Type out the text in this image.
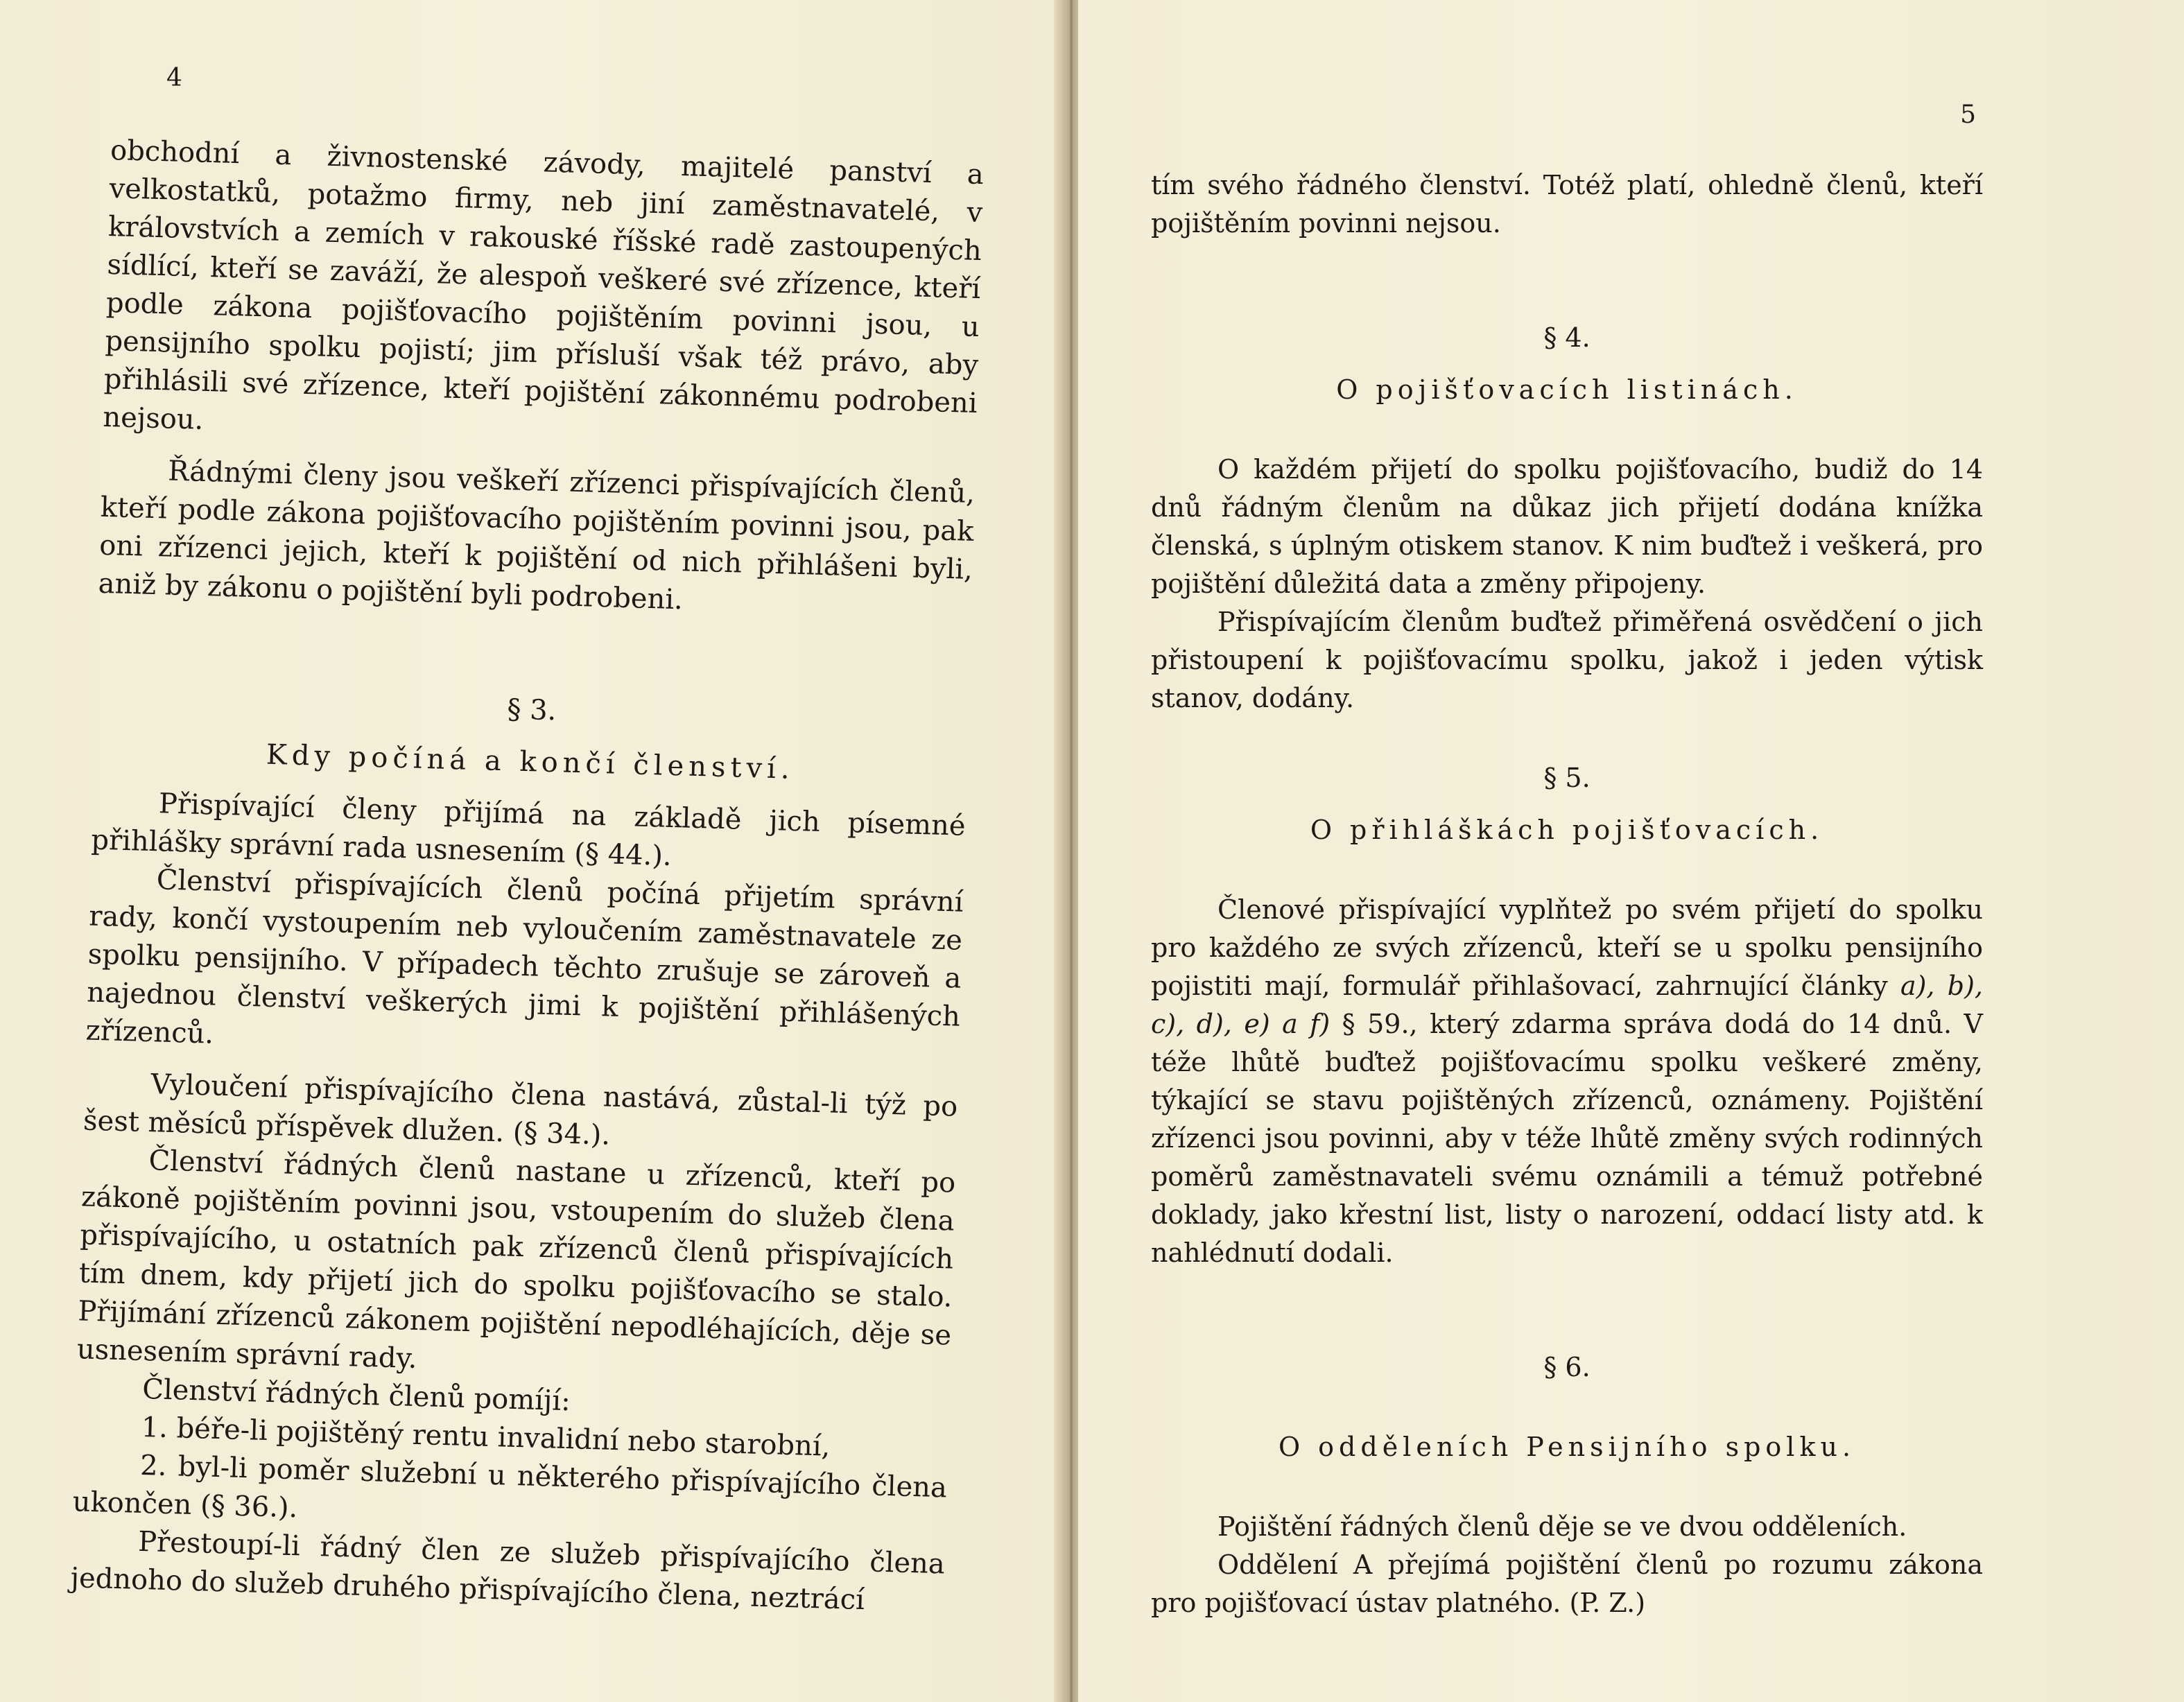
4

obchodní a živnostenské závody, majitelé panství a velkostatků, potažmo firmy, neb jiní zaměstnavatelé, v královstvích a zemích v rakouské říšské radě zastoupených sídlící, kteří se zaváží, že alespoň veškeré své zřízence, kteří podle zákona pojišťovacího pojištěním povinni jsou, u pensijního spolku pojistí; jim přísluší však též právo, aby přihlásili své zřízence, kteří pojištění zákonnému podrobeni nejsou.

Řádnými členy jsou veškeří zřízenci přispívajících členů, kteří podle zákona pojišťovacího pojištěním povinni jsou, pak oni zřízenci jejich, kteří k pojištění od nich přihlášeni byli, aniž by zákonu o pojištění byli podrobeni.

§ 3.

Kdy počíná a končí členství.

Přispívající členy přijímá na základě jich písemné přihlášky správní rada usnesením (§ 44.).

Členství přispívajících členů počíná přijetím správní rady, končí vystoupením neb vyloučením zaměstnavatele ze spolku pensijního. V případech těchto zrušuje se zároveň a najednou členství veškerých jimi k pojištění přihlášených zřízenců.

Vyloučení přispívajícího člena nastává, zůstal-li týž po šest měsíců příspěvek dlužen. (§ 34.).

Členství řádných členů nastane u zřízenců, kteří po zákoně pojištěním povinni jsou, vstoupením do služeb člena přispívajícího, u ostatních pak zřízenců členů přispívajících tím dnem, kdy přijetí jich do spolku pojišťovacího se stalo. Přijímání zřízenců zákonem pojištění nepodléhajících, děje se usnesením správní rady.

Členství řádných členů pomíjí:

1. béře-li pojištěný rentu invalidní nebo starobní,

2. byl-li poměr služební u některého přispívajícího člena ukončen (§ 36.).

Přestoupí-li řádný člen ze služeb přispívajícího člena jednoho do služeb druhého přispívajícího člena, neztrácí

5

tím svého řádného členství. Totéž platí, ohledně členů, kteří pojištěním povinni nejsou.

§ 4.

O pojišťovacích listinách.

O každém přijetí do spolku pojišťovacího, budiž do 14 dnů řádným členům na důkaz jich přijetí dodána knížka členská, s úplným otiskem stanov. K nim buďtež i veškerá, pro pojištění důležitá data a změny připojeny.

Přispívajícím členům buďtež přiměřená osvědčení o jich přistoupení k pojišťovacímu spolku, jakož i jeden výtisk stanov, dodány.

§ 5.

O přihláškách pojišťovacích.

Členové přispívající vyplňtež po svém přijetí do spolku pro každého ze svých zřízenců, kteří se u spolku pensijního pojistiti mají, formulář přihlašovací, zahrnující články a), b), c), d), e) a f) § 59., který zdarma správa dodá do 14 dnů. V téže lhůtě buďtež pojišťovacímu spolku veškeré změny, týkající se stavu pojištěných zřízenců, oznámeny. Pojištění zřízenci jsou povinni, aby v téže lhůtě změny svých rodinných poměrů zaměstnavateli svému oznámili a témuž potřebné doklady, jako křestní list, listy o narození, oddací listy atd. k nahlédnutí dodali.

§ 6.

O odděleních Pensijního spolku.

Pojištění řádných členů děje se ve dvou odděleních.

Oddělení A přejímá pojištění členů po rozumu zákona pro pojišťovací ústav platného. (P. Z.)
